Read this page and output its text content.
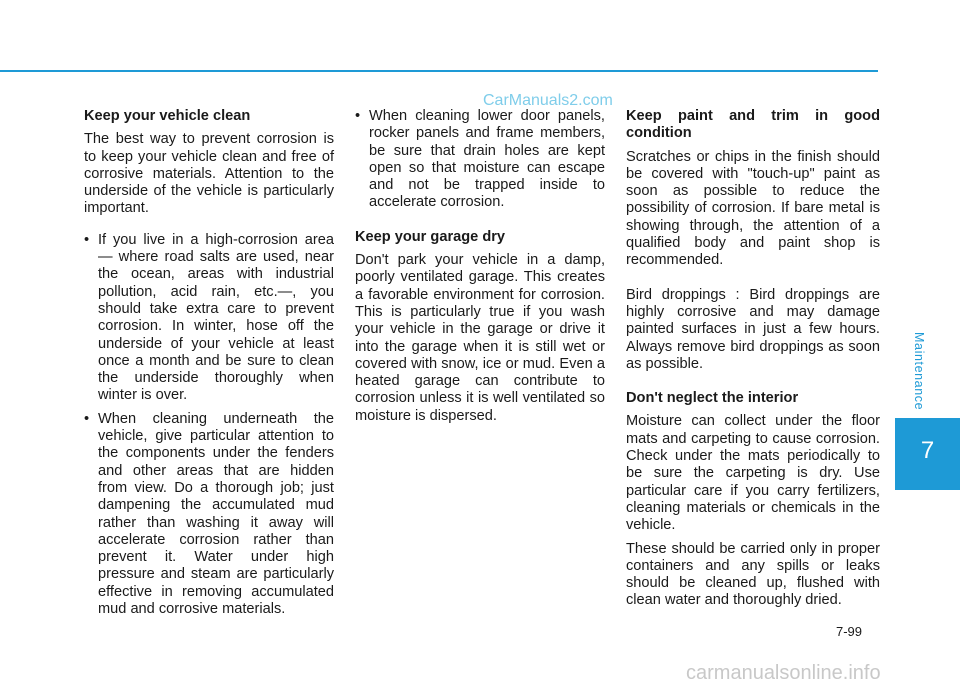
CarManuals2.com

Keep your vehicle clean

The best way to prevent corrosion is to keep your vehicle clean and free of corrosive materials. Attention to the underside of the vehicle is particularly important.

• If you live in a high-corrosion area — where road salts are used, near the ocean, areas with industrial pollution, acid rain, etc.—, you should take extra care to prevent corrosion. In winter, hose off the underside of your vehicle at least once a month and be sure to clean the underside thoroughly when winter is over.
• When cleaning underneath the vehicle, give particular attention to the components under the fenders and other areas that are hidden from view. Do a thorough job; just dampening the accumulated mud rather than washing it away will accelerate corrosion rather than prevent it. Water under high pressure and steam are particularly effective in removing accumulated mud and corrosive materials.
• When cleaning lower door panels, rocker panels and frame members, be sure that drain holes are kept open so that moisture can escape and not be trapped inside to accelerate corrosion.

Keep your garage dry

Don't park your vehicle in a damp, poorly ventilated garage. This creates a favorable environment for corrosion. This is particularly true if you wash your vehicle in the garage or drive it into the garage when it is still wet or covered with snow, ice or mud. Even a heated garage can contribute to corrosion unless it is well ventilated so moisture is dispersed.

Keep paint and trim in good condition

Scratches or chips in the finish should be covered with "touch-up" paint as soon as possible to reduce the possibility of corrosion. If bare metal is showing through, the attention of a qualified body and paint shop is recommended.

Bird droppings : Bird droppings are highly corrosive and may damage painted surfaces in just a few hours. Always remove bird droppings as soon as possible.

Don't neglect the interior

Moisture can collect under the floor mats and carpeting to cause corrosion. Check under the mats periodically to be sure the carpeting is dry. Use particular care if you carry fertilizers, cleaning materials or chemicals in the vehicle.

These should be carried only in proper containers and any spills or leaks should be cleaned up, flushed with clean water and thoroughly dried.

Maintenance
7
7-99
carmanualsonline.info
